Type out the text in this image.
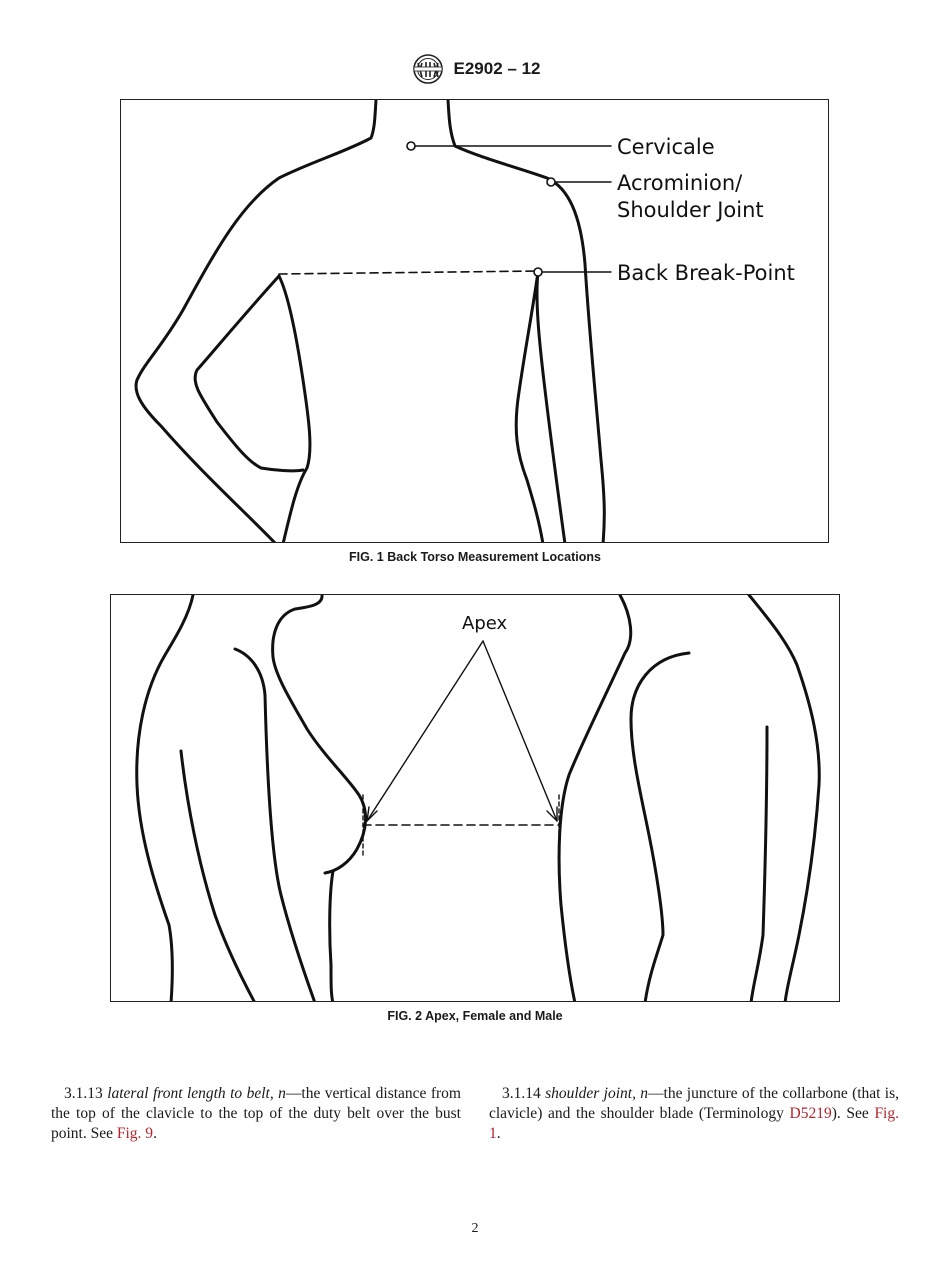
E2902 – 12
Cervicale
Acrominion/
Shoulder Joint
Back Break-Point
FIG. 1 Back Torso Measurement Locations
Apex
FIG. 2 Apex, Female and Male
3.1.13 lateral front length to belt, n—the vertical distance from the top of the clavicle to the top of the duty belt over the bust point. See Fig. 9.
3.1.14 shoulder joint, n—the juncture of the collarbone (that is, clavicle) and the shoulder blade (Terminology D5219). See Fig. 1.
2
